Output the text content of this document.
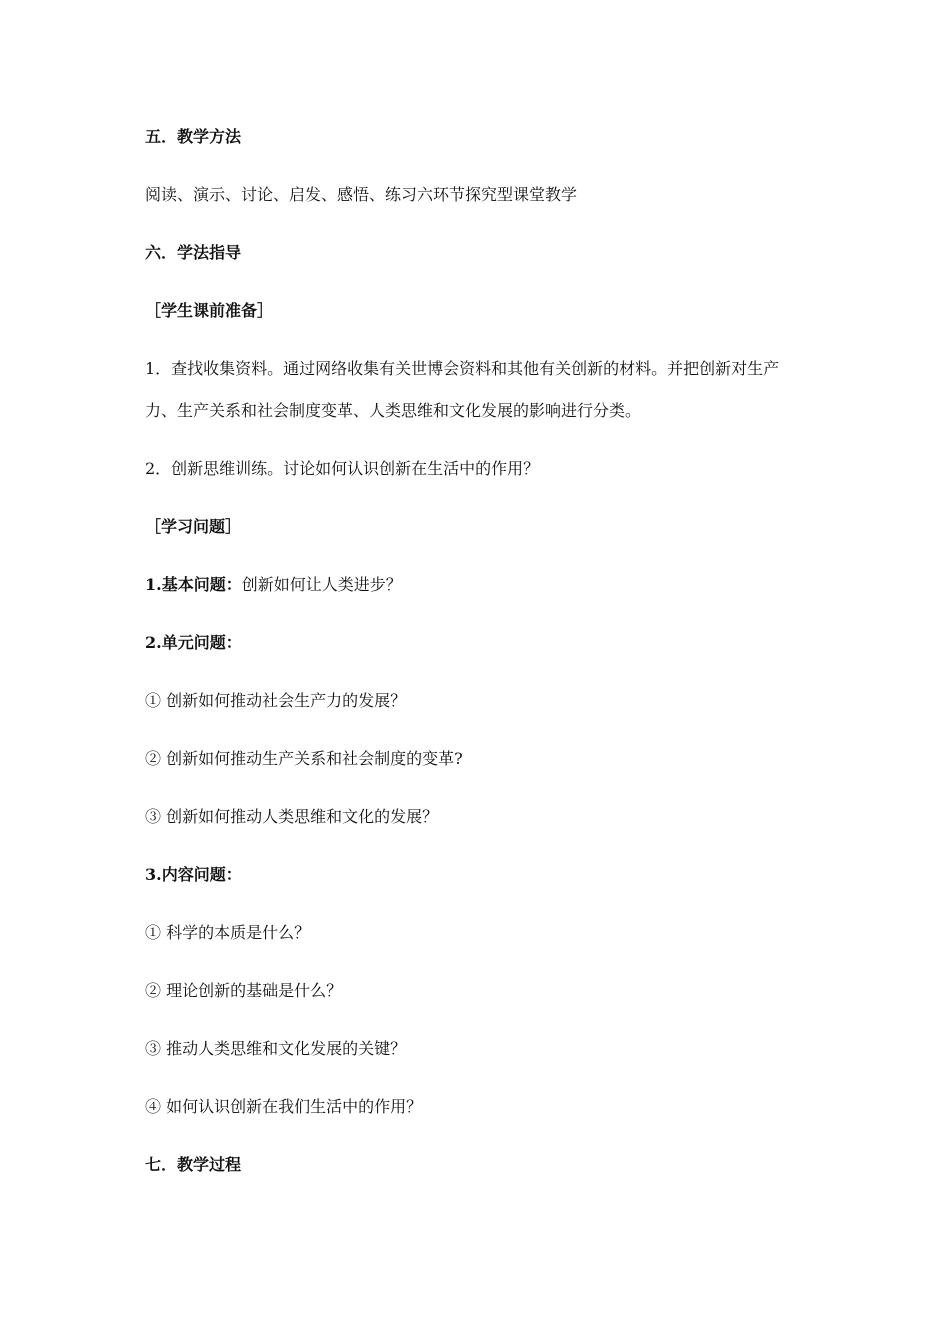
五．教学方法

阅读、演示、讨论、启发、感悟、练习六环节探究型课堂教学

六．学法指导

［学生课前准备］

1．查找收集资料。通过网络收集有关世博会资料和其他有关创新的材料。并把创新对生产

力、生产关系和社会制度变革、人类思维和文化发展的影响进行分类。

2．创新思维训练。讨论如何认识创新在生活中的作用？

［学习问题］

1.基本问题：创新如何让人类进步？

2.单元问题：

① 创新如何推动社会生产力的发展？

② 创新如何推动生产关系和社会制度的变革?

③ 创新如何推动人类思维和文化的发展？

3.内容问题：

① 科学的本质是什么？

② 理论创新的基础是什么？

③ 推动人类思维和文化发展的关键？

④ 如何认识创新在我们生活中的作用？

七．教学过程
